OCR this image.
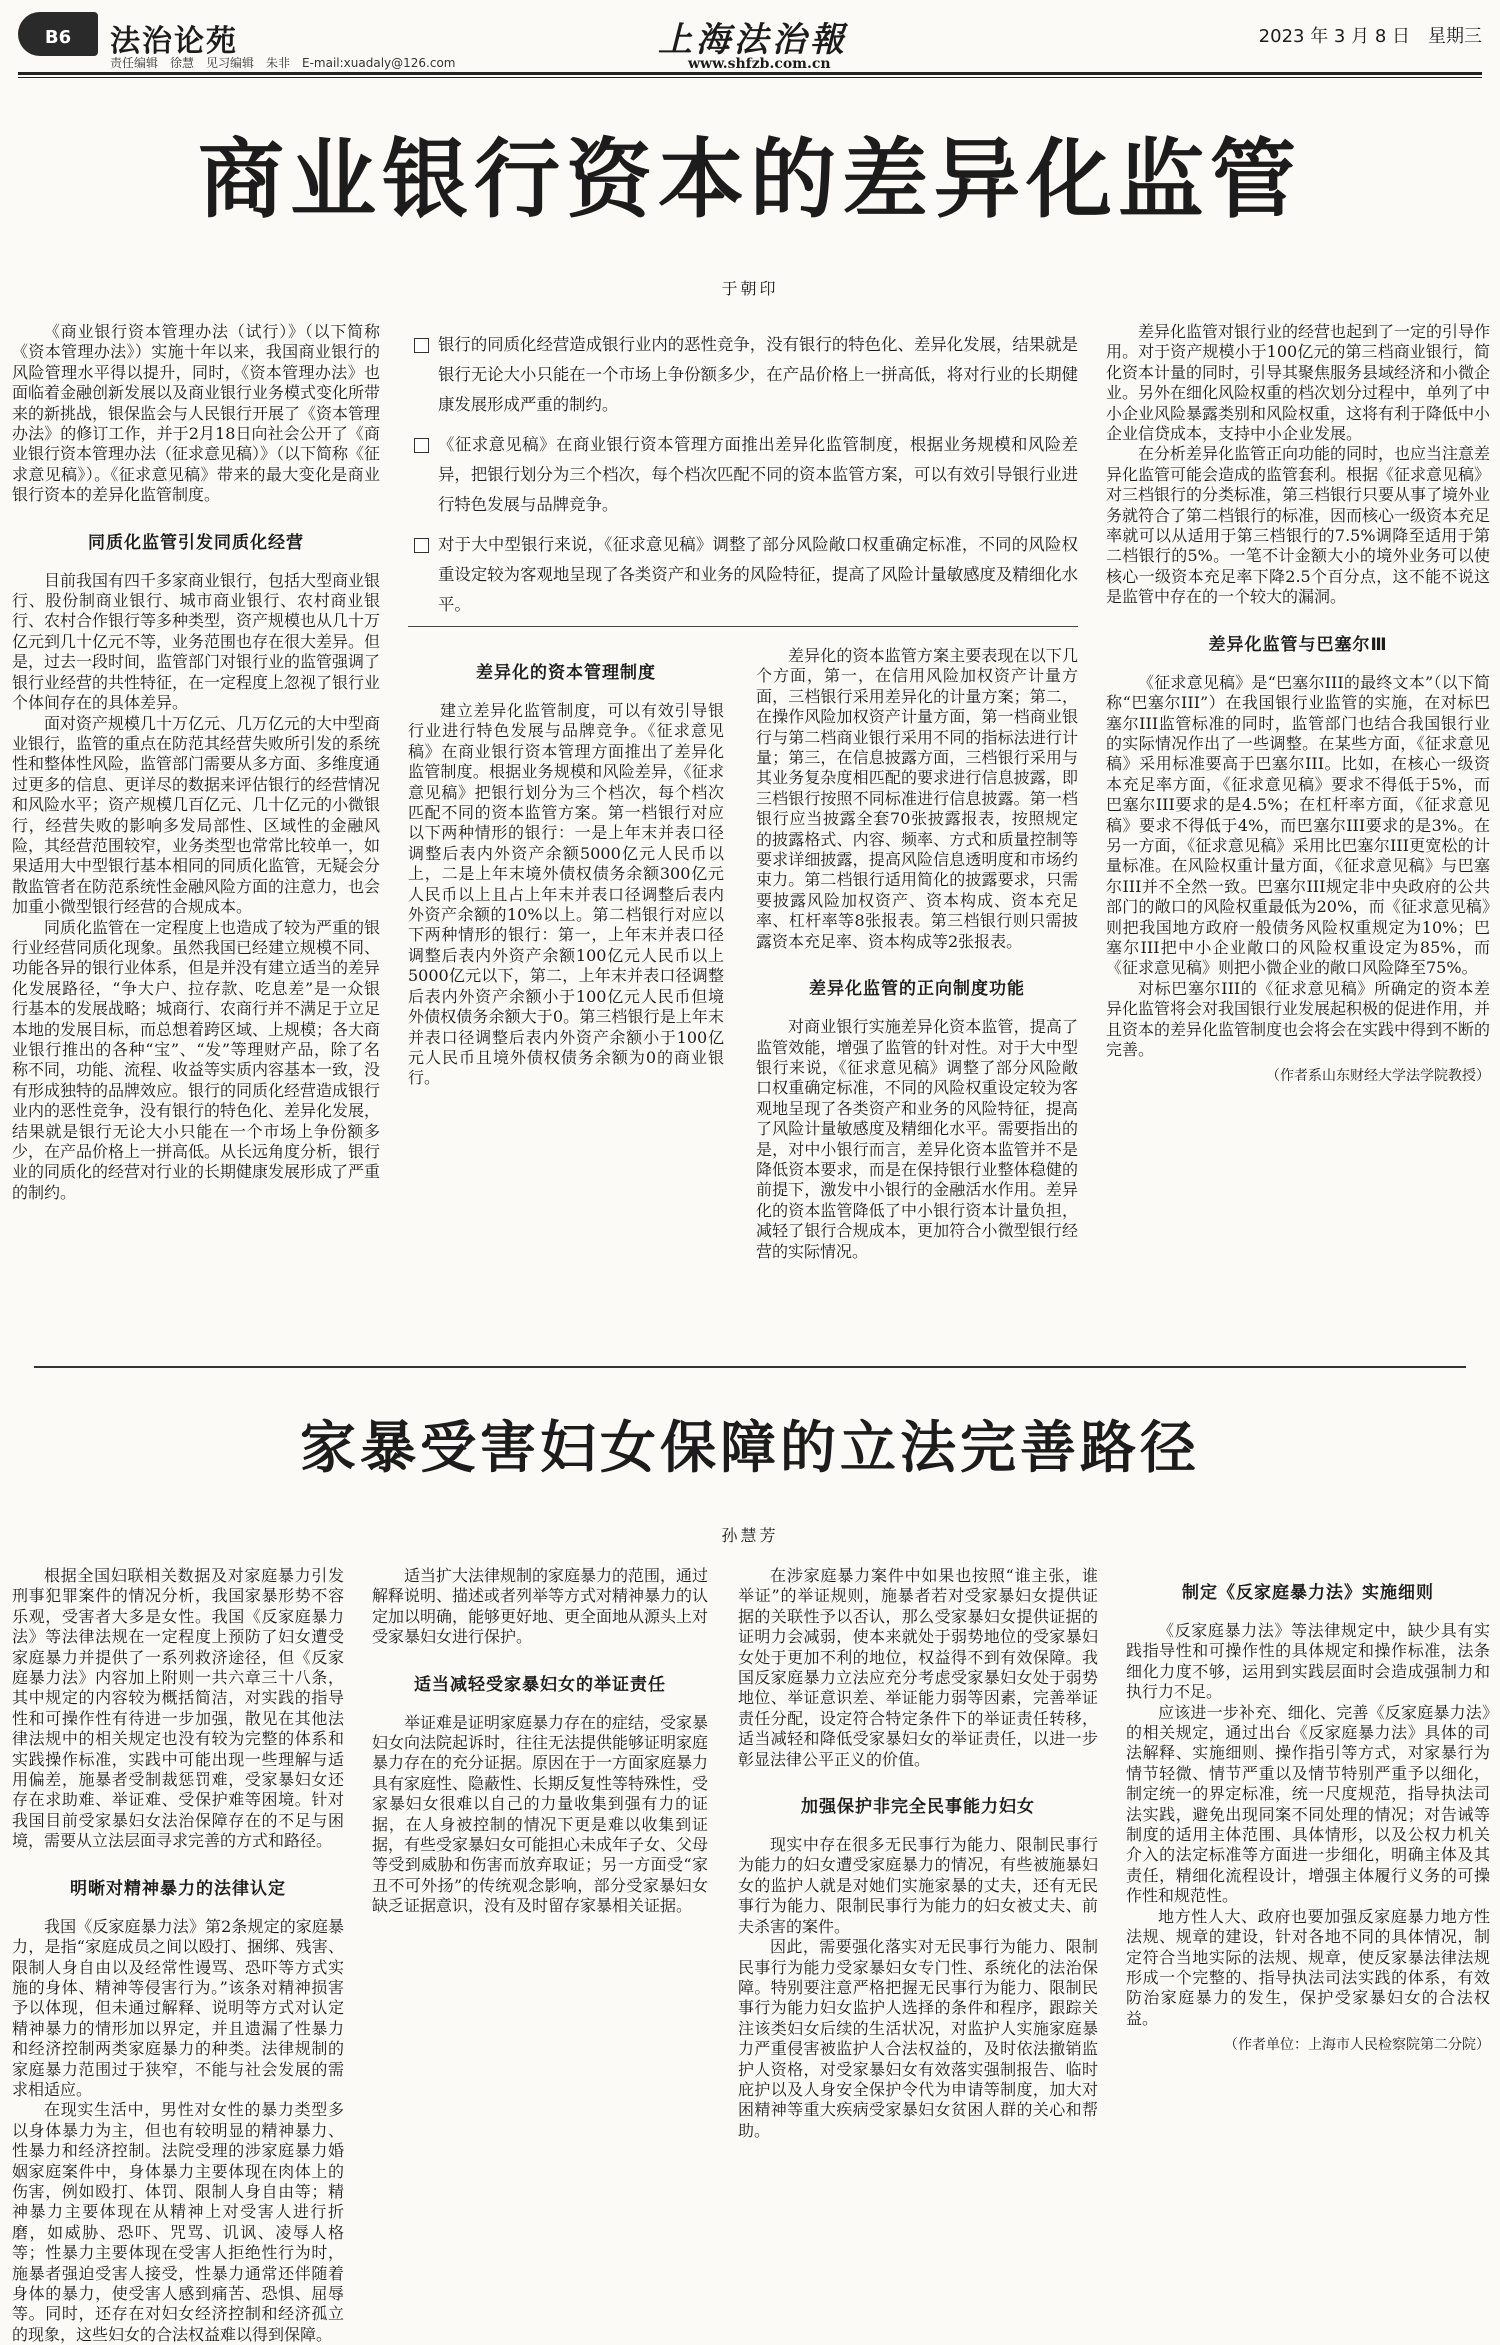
B6	法治论苑
责任编辑　徐慧　见习编辑　朱非　E-mail:xuadaly@126.com
上海法治報
www.shfzb.com.cn
2023 年 3 月 8 日　星期三
商业银行资本的差异化监管
于朝印

银行的同质化经营造成银行业内的恶性竞争，没有银行的特色化、差异化发展，结果就是银行无论大小只能在一个市场上争份额多少，在产品价格上一拼高低，将对行业的长期健康发展形成严重的制约。

《征求意见稿》在商业银行资本管理方面推出差异化监管制度，根据业务规模和风险差异，把银行划分为三个档次，每个档次匹配不同的资本监管方案，可以有效引导银行业进行特色发展与品牌竞争。

对于大中型银行来说，《征求意见稿》调整了部分风险敞口权重确定标准，不同的风险权重设定较为客观地呈现了各类资产和业务的风险特征，提高了风险计量敏感度及精细化水平。

《商业银行资本管理办法（试行）》（以下简称《资本管理办法》）实施十年以来，我国商业银行的风险管理水平得以提升，同时，《资本管理办法》也面临着金融创新发展以及商业银行业务模式变化所带来的新挑战，银保监会与人民银行开展了《资本管理办法》的修订工作，并于2月18日向社会公开了《商业银行资本管理办法（征求意见稿）》（以下简称《征求意见稿》）。《征求意见稿》带来的最大变化是商业银行资本的差异化监管制度。

同质化监管引发同质化经营

目前我国有四千多家商业银行，包括大型商业银行、股份制商业银行、城市商业银行、农村商业银行、农村合作银行等多种类型，资产规模也从几十万亿元到几十亿元不等，业务范围也存在很大差异。但是，过去一段时间，监管部门对银行业的监管强调了银行业经营的共性特征，在一定程度上忽视了银行业个体间存在的具体差异。

面对资产规模几十万亿元、几万亿元的大中型商业银行，监管的重点在防范其经营失败所引发的系统性和整体性风险，监管部门需要从多方面、多维度通过更多的信息、更详尽的数据来评估银行的经营情况和风险水平；资产规模几百亿元、几十亿元的小微银行，经营失败的影响多发局部性、区域性的金融风险，其经营范围较窄，业务类型也常常比较单一，如果适用大中型银行基本相同的同质化监管，无疑会分散监管者在防范系统性金融风险方面的注意力，也会加重小微型银行经营的合规成本。

同质化监管在一定程度上也造成了较为严重的银行业经营同质化现象。虽然我国已经建立规模不同、功能各异的银行业体系，但是并没有建立适当的差异化发展路径，“争大户、拉存款、吃息差”是一众银行基本的发展战略；城商行、农商行并不满足于立足本地的发展目标，而总想着跨区域、上规模；各大商业银行推出的各种“宝”、“发”等理财产品，除了名称不同，功能、流程、收益等实质内容基本一致，没有形成独特的品牌效应。银行的同质化经营造成银行业内的恶性竞争，没有银行的特色化、差异化发展，结果就是银行无论大小只能在一个市场上争份额多少，在产品价格上一拼高低。从长远角度分析，银行业的同质化的经营对行业的长期健康发展形成了严重的制约。

差异化的资本管理制度

建立差异化监管制度，可以有效引导银行业进行特色发展与品牌竞争。《征求意见稿》在商业银行资本管理方面推出了差异化监管制度。根据业务规模和风险差异，《征求意见稿》把银行划分为三个档次，每个档次匹配不同的资本监管方案。第一档银行对应以下两种情形的银行：一是上年末并表口径调整后表内外资产余额5000亿元人民币以上，二是上年末境外债权债务余额300亿元人民币以上且占上年末并表口径调整后表内外资产余额的10%以上。第二档银行对应以下两种情形的银行：第一，上年末并表口径调整后表内外资产余额100亿元人民币以上5000亿元以下，第二，上年末并表口径调整后表内外资产余额小于100亿元人民币但境外债权债务余额大于0。第三档银行是上年末并表口径调整后表内外资产余额小于100亿元人民币且境外债权债务余额为0的商业银行。

差异化的资本监管方案主要表现在以下几个方面，第一，在信用风险加权资产计量方面，三档银行采用差异化的计量方案；第二，在操作风险加权资产计量方面，第一档商业银行与第二档商业银行采用不同的指标法进行计量；第三，在信息披露方面，三档银行采用与其业务复杂度相匹配的要求进行信息披露，即三档银行按照不同标准进行信息披露。第一档银行应当披露全套70张披露报表，按照规定的披露格式、内容、频率、方式和质量控制等要求详细披露，提高风险信息透明度和市场约束力。第二档银行适用简化的披露要求，只需要披露风险加权资产、资本构成、资本充足率、杠杆率等8张报表。第三档银行则只需披露资本充足率、资本构成等2张报表。

差异化监管的正向制度功能

对商业银行实施差异化资本监管，提高了监管效能，增强了监管的针对性。对于大中型银行来说，《征求意见稿》调整了部分风险敞口权重确定标准，不同的风险权重设定较为客观地呈现了各类资产和业务的风险特征，提高了风险计量敏感度及精细化水平。需要指出的是，对中小银行而言，差异化资本监管并不是降低资本要求，而是在保持银行业整体稳健的前提下，激发中小银行的金融活水作用。差异化的资本监管降低了中小银行资本计量负担，减轻了银行合规成本，更加符合小微型银行经营的实际情况。

差异化监管对银行业的经营也起到了一定的引导作用。对于资产规模小于100亿元的第三档商业银行，简化资本计量的同时，引导其聚焦服务县域经济和小微企业。另外在细化风险权重的档次划分过程中，单列了中小企业风险暴露类别和风险权重，这将有利于降低中小企业信贷成本，支持中小企业发展。

在分析差异化监管正向功能的同时，也应当注意差异化监管可能会造成的监管套利。根据《征求意见稿》对三档银行的分类标准，第三档银行只要从事了境外业务就符合了第二档银行的标准，因而核心一级资本充足率就可以从适用于第三档银行的7.5%调降至适用于第二档银行的5%。一笔不计金额大小的境外业务可以使核心一级资本充足率下降2.5个百分点，这不能不说这是监管中存在的一个较大的漏洞。

差异化监管与巴塞尔Ⅲ

《征求意见稿》是“巴塞尔III的最终文本”（以下简称“巴塞尔III”）在我国银行业监管的实施，在对标巴塞尔III监管标准的同时，监管部门也结合我国银行业的实际情况作出了一些调整。在某些方面，《征求意见稿》采用标准要高于巴塞尔III。比如，在核心一级资本充足率方面，《征求意见稿》要求不得低于5%，而巴塞尔III要求的是4.5%；在杠杆率方面，《征求意见稿》要求不得低于4%，而巴塞尔III要求的是3%。在另一方面，《征求意见稿》采用比巴塞尔III更宽松的计量标准。在风险权重计量方面，《征求意见稿》与巴塞尔III并不全然一致。巴塞尔III规定非中央政府的公共部门的敞口的风险权重最低为20%，而《征求意见稿》则把我国地方政府一般债务风险权重规定为10%；巴塞尔III把中小企业敞口的风险权重设定为85%，而《征求意见稿》则把小微企业的敞口风险降至75%。

对标巴塞尔III的《征求意见稿》所确定的资本差异化监管将会对我国银行业发展起积极的促进作用，并且资本的差异化监管制度也会将会在实践中得到不断的完善。

（作者系山东财经大学法学院教授）

家暴受害妇女保障的立法完善路径
孙慧芳

根据全国妇联相关数据及对家庭暴力引发刑事犯罪案件的情况分析，我国家暴形势不容乐观，受害者大多是女性。我国《反家庭暴力法》等法律法规在一定程度上预防了妇女遭受家庭暴力并提供了一系列救济途径，但《反家庭暴力法》内容加上附则一共六章三十八条，其中规定的内容较为概括简洁，对实践的指导性和可操作性有待进一步加强，散见在其他法律法规中的相关规定也没有较为完整的体系和实践操作标准，实践中可能出现一些理解与适用偏差，施暴者受制裁惩罚难，受家暴妇女还存在求助难、举证难、受保护难等困境。针对我国目前受家暴妇女法治保障存在的不足与困境，需要从立法层面寻求完善的方式和路径。

明晰对精神暴力的法律认定

我国《反家庭暴力法》第2条规定的家庭暴力，是指“家庭成员之间以殴打、捆绑、残害、限制人身自由以及经常性谩骂、恐吓等方式实施的身体、精神等侵害行为。”该条对精神损害予以体现，但未通过解释、说明等方式对认定精神暴力的情形加以界定，并且遗漏了性暴力和经济控制两类家庭暴力的种类。法律规制的家庭暴力范围过于狭窄，不能与社会发展的需求相适应。

在现实生活中，男性对女性的暴力类型多以身体暴力为主，但也有较明显的精神暴力、性暴力和经济控制。法院受理的涉家庭暴力婚姻家庭案件中，身体暴力主要体现在肉体上的伤害，例如殴打、体罚、限制人身自由等；精神暴力主要体现在从精神上对受害人进行折磨，如威胁、恐吓、咒骂、讥讽、凌辱人格等；性暴力主要体现在受害人拒绝性行为时，施暴者强迫受害人接受，性暴力通常还伴随着身体的暴力，使受害人感到痛苦、恐惧、屈辱等。同时，还存在对妇女经济控制和经济孤立的现象，这些妇女的合法权益难以得到保障。

适当扩大法律规制的家庭暴力的范围，通过解释说明、描述或者列举等方式对精神暴力的认定加以明确，能够更好地、更全面地从源头上对受家暴妇女进行保护。

适当减轻受家暴妇女的举证责任

举证难是证明家庭暴力存在的症结，受家暴妇女向法院起诉时，往往无法提供能够证明家庭暴力存在的充分证据。原因在于一方面家庭暴力具有家庭性、隐蔽性、长期反复性等特殊性，受家暴妇女很难以自己的力量收集到强有力的证据，在人身被控制的情况下更是难以收集到证据，有些受家暴妇女可能担心未成年子女、父母等受到威胁和伤害而放弃取证；另一方面受“家丑不可外扬”的传统观念影响，部分受家暴妇女缺乏证据意识，没有及时留存家暴相关证据。

在涉家庭暴力案件中如果也按照“谁主张，谁举证”的举证规则，施暴者若对受家暴妇女提供证据的关联性予以否认，那么受家暴妇女提供证据的证明力会减弱，使本来就处于弱势地位的受家暴妇女处于更加不利的地位，权益得不到有效保障。我国反家庭暴力立法应充分考虑受家暴妇女处于弱势地位、举证意识差、举证能力弱等因素，完善举证责任分配，设定符合特定条件下的举证责任转移，适当减轻和降低受家暴妇女的举证责任，以进一步彰显法律公平正义的价值。

加强保护非完全民事能力妇女

现实中存在很多无民事行为能力、限制民事行为能力的妇女遭受家庭暴力的情况，有些被施暴妇女的监护人就是对她们实施家暴的丈夫，还有无民事行为能力、限制民事行为能力的妇女被丈夫、前夫杀害的案件。

因此，需要强化落实对无民事行为能力、限制民事行为能力受家暴妇女专门性、系统化的法治保障。特别要注意严格把握无民事行为能力、限制民事行为能力妇女监护人选择的条件和程序，跟踪关注该类妇女后续的生活状况，对监护人实施家庭暴力严重侵害被监护人合法权益的，及时依法撤销监护人资格，对受家暴妇女有效落实强制报告、临时庇护以及人身安全保护令代为申请等制度，加大对困精神等重大疾病受家暴妇女贫困人群的关心和帮助。

制定《反家庭暴力法》实施细则

《反家庭暴力法》等法律规定中，缺少具有实践指导性和可操作性的具体规定和操作标准，法条细化力度不够，运用到实践层面时会造成强制力和执行力不足。

应该进一步补充、细化、完善《反家庭暴力法》的相关规定，通过出台《反家庭暴力法》具体的司法解释、实施细则、操作指引等方式，对家暴行为情节轻微、情节严重以及情节特别严重予以细化，制定统一的界定标准，统一尺度规范，指导执法司法实践，避免出现同案不同处理的情况；对告诫等制度的适用主体范围、具体情形，以及公权力机关介入的法定标准等方面进一步细化，明确主体及其责任，精细化流程设计，增强主体履行义务的可操作性和规范性。

地方性人大、政府也要加强反家庭暴力地方性法规、规章的建设，针对各地不同的具体情况，制定符合当地实际的法规、规章，使反家暴法律法规形成一个完整的、指导执法司法实践的体系，有效防治家庭暴力的发生，保护受家暴妇女的合法权益。

（作者单位：上海市人民检察院第二分院）
